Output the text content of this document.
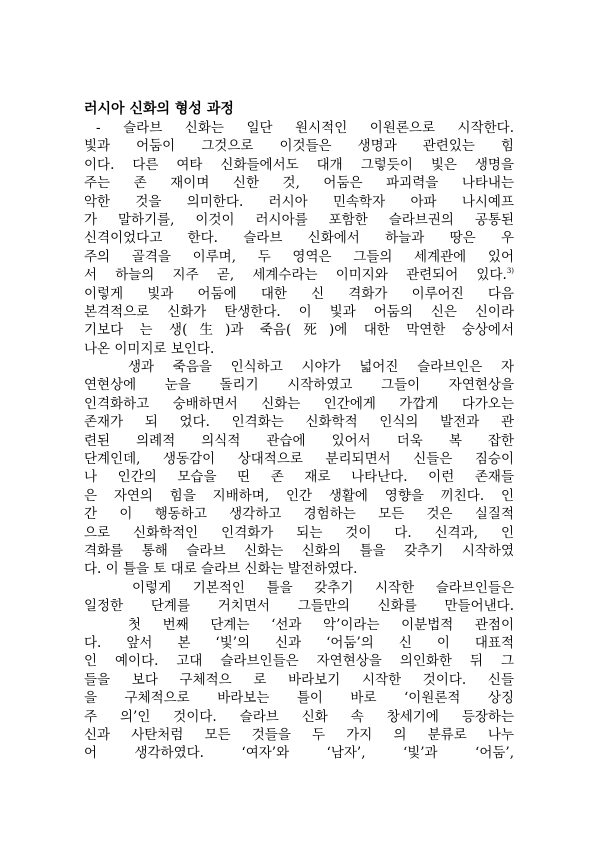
러시아 신화의 형성 과정
- 슬라브 신화는 일단 원시적인 이원론으로 시작한다.
빛과 어둠이 그것으로 이것들은 생명과 관련있는 힘
이다. 다른 여타 신화들에서도 대개 그렇듯이 빛은 생명을
주는 존 재이며 신한 것, 어둠은 파괴력을 나타내는
악한 것을 의미한다. 러시아 민속학자 아파 나시예프
가 말하기를, 이것이 러시아를 포함한 슬라브권의 공통된
신격이었다고 한다. 슬라브 신화에서 하늘과 땅은 우
주의 골격을 이루며, 두 영역은 그들의 세계관에 있어
서 하늘의 지주 곧, 세계수라는 이미지와 관련되어 있다.$^{3)}$
이렇게 빛과 어둠에 대한 신 격화가 이루어진 다음
본격적으로 신화가 탄생한다. 이 빛과 어둠의 신은 신이라
기보다 는 생(生)과 죽음(死)에 대한 막연한 숭상에서
나온 이미지로 보인다.
생과 죽음을 인식하고 시야가 넓어진 슬라브인은 자
연현상에 눈을 돌리기 시작하였고 그들이 자연현상을
인격화하고 숭배하면서 신화는 인간에게 가깝게 다가오는
존재가 되 었다. 인격화는 신화학적 인식의 발전과 관
련된 의례적 의식적 관습에 있어서 더욱 복 잡한
단계인데, 생동감이 상대적으로 분리되면서 신들은 짐승이
나 인간의 모습을 띤 존 재로 나타난다. 이런 존재들
은 자연의 힘을 지배하며, 인간 생활에 영향을 끼친다. 인
간 이 행동하고 생각하고 경험하는 모든 것은 실질적
으로 신화학적인 인격화가 되는 것이 다. 신격과, 인
격화를 통해 슬라브 신화는 신화의 틀을 갖추기 시작하였
다. 이 틀을 토 대로 슬라브 신화는 발전하였다.
이렇게 기본적인 틀을 갖추기 시작한 슬라브인들은
일정한 단계를 거치면서 그들만의 신화를 만들어낸다.
첫 번째 단계는 ‘선과 악’이라는 이분법적 관점이
다. 앞서 본 ‘빛’의 신과 ‘어둠’의 신 이 대표적
인 예이다. 고대 슬라브인들은 자연현상을 의인화한 뒤 그
들을 보다 구체적으 로 바라보기 시작한 것이다. 신들
을 구체적으로 바라보는 틀이 바로 ‘이원론적 상징
주 의’인 것이다. 슬라브 신화 속 창세기에 등장하는
신과 사탄처럼 모든 것들을 두 가지 의 분류로 나누
어 생각하였다. ‘여자’와 ‘남자’, ‘빛’과 ‘어둠’,
